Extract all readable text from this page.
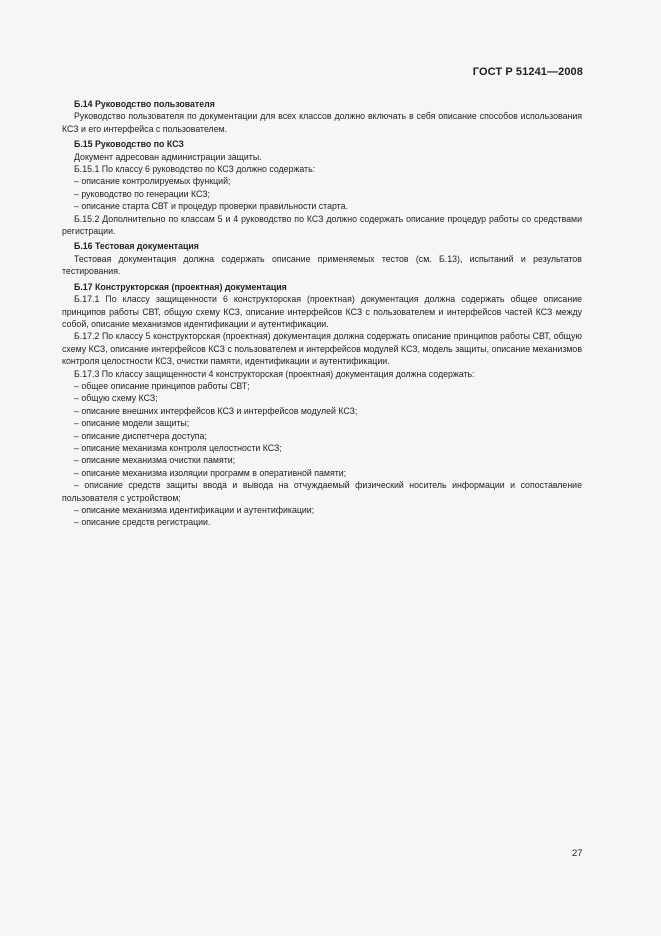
ГОСТ Р 51241—2008

Б.14 Руководство пользователя

Руководство пользователя по документации для всех классов должно включать в себя описание способов использования КСЗ и его интерфейса с пользователем.

Б.15 Руководство по КСЗ

Документ адресован администрации защиты.

Б.15.1 По классу 6 руководство по КСЗ должно содержать:

– описание контролируемых функций;

– руководство по генерации КСЗ;

– описание старта СВТ и процедур проверки правильности старта.

Б.15.2 Дополнительно по классам 5 и 4 руководство по КСЗ должно содержать описание процедур работы со средствами регистрации.

Б.16 Тестовая документация

Тестовая документация должна содержать описание применяемых тестов (см. Б.13), испытаний и результатов тестирования.

Б.17 Конструкторская (проектная) документация

Б.17.1 По классу защищенности 6 конструкторская (проектная) документация должна содержать общее описание принципов работы СВТ, общую схему КСЗ, описание интерфейсов КСЗ с пользователем и интерфейсов частей КСЗ между собой, описание механизмов идентификации и аутентификации.

Б.17.2 По классу 5 конструкторская (проектная) документация должна содержать описание принципов работы СВТ, общую схему КСЗ, описание интерфейсов КСЗ с пользователем и интерфейсов модулей КСЗ, модель защиты, описание механизмов контроля целостности КСЗ, очистки памяти, идентификации и аутентификации.

Б.17.3 По классу защищенности 4 конструкторская (проектная) документация должна содержать:

– общее описание принципов работы СВТ;

– общую схему КСЗ;

– описание внешних интерфейсов КСЗ и интерфейсов модулей КСЗ;

– описание модели защиты;

– описание диспетчера доступа;

– описание механизма контроля целостности КСЗ;

– описание механизма очистки памяти;

– описание механизма изоляции программ в оперативной памяти;

– описание средств защиты ввода и вывода на отчуждаемый физический носитель информации и сопоставление пользователя с устройством;

– описание механизма идентификации и аутентификации;

– описание средств регистрации.

27
